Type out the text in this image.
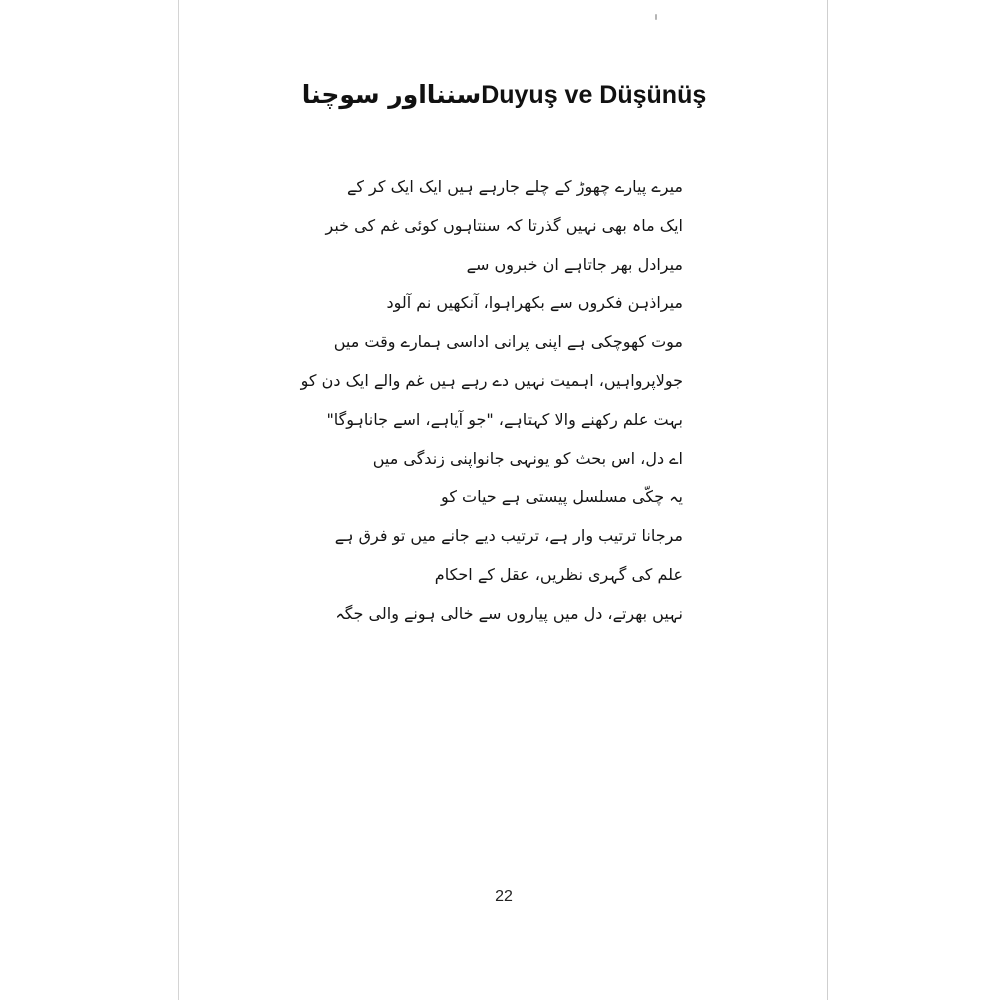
سننااور سوچناDuyuş ve Düşünüş
میرے پیارے چھوڑ کے چلے جارہے ہیں ایک ایک کر کے
ایک ماہ بھی نہیں گذرتا کہ سنتاہوں کوئی غم کی خبر
میرادل بھر جاتاہے ان خبروں سے
میراذہن فکروں سے بکھراہوا، آنکھیں نم آلود
موت کھوچکی ہے اپنی پرانی اداسی ہمارے وقت میں
جولاپرواہیں، اہمیت نہیں دے رہے ہیں غم والے ایک دن کو
بہت علم رکھنے والا کہتاہے، "جو آیاہے، اسے جاناہوگا"
اے دل، اس بحث کو یونہی جانواپنی زندگی میں
یہ چکّی مسلسل پیستی ہے حیات کو
مرجانا ترتیب وار ہے، ترتیب دیے جانے میں تو فرق ہے
علم کی گہری نظریں، عقل کے احکام
نہیں بھرتے، دل میں پیاروں سے خالی ہونے والی جگہ
22
